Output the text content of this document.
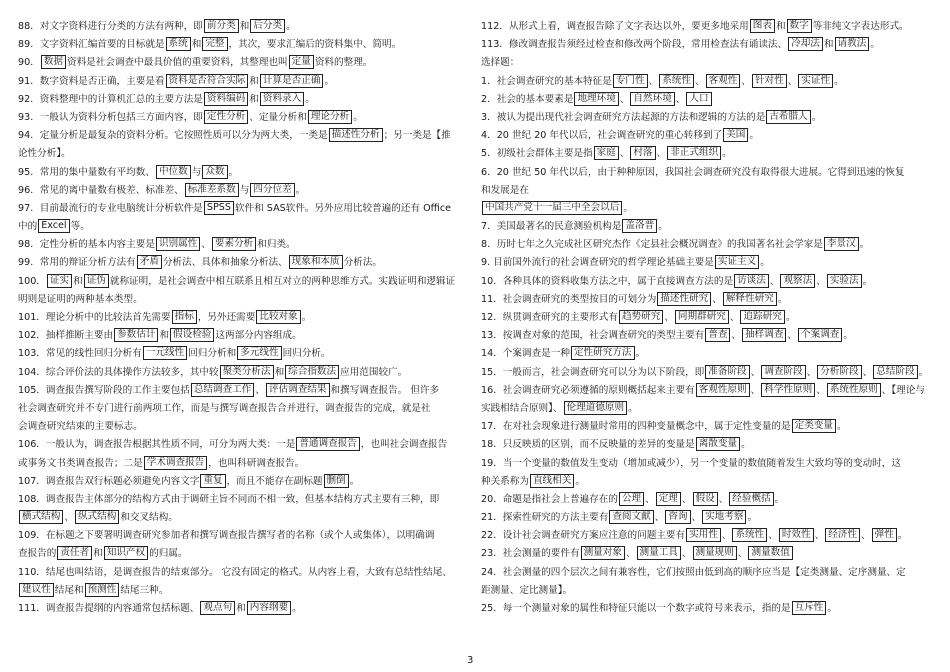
88．对文字资料进行分类的方法有两种，即 前分类 和 后分类 。
89．文字资料汇编首要的目标就是 系统 和 完整 ，其次，要求汇编后的资料集中、简明。
90． 数据 资料是社会调查中最具价值的重要资料，其整理也叫 定量 资料的整理。
91．数字资料是否正确，主要是看 资料是否符合实际 和 计算是否正确 。
92．资料整理中的计算机汇总的主要方法是 资料编码 和 资料录入 。
93．一般认为资料分析包括三方面内容，即 定性分析 、定量分析和 理论分析 。
94．定量分析是最复杂的资料分析。它按照性质可以分为两大类，一类是 描述性分析 ；另一类是【推
论性分析】。
95．常用的集中量数有平均数、 中位数 与 众数 。
96．常见的离中量数有极差、标准差、 标准差系数 与 四分位差 。
97．目前最流行的专业电脑统计分析软件是 SPSS 软件和 SAS软件。另外应用比较普遍的还有 Office
中的 Excel 等。
98．定性分析的基本内容主要是 识别属性 、 要素分析 和归类。
99．常用的辩证分析方法有 矛盾 分析法、具体和抽象分析法、 现象和本质 分析法。
100． 证实 和 证伪 就称证明，是社会调查中相互联系且相互对立的两种思维方式。实践证明和逻辑证
明则是证明的两种基本类型。
101．理论分析中的比较法首先需要 指标 ，另外还需要 比较对象 。
102．抽样推断主要由 参数估计 和 假设检验 这两部分内容组成。
103．常见的线性回归分析有 一元线性 回归分析和 多元线性 回归分析。
104．综合评价法的具体操作方法较多，其中较 聚类分析法 和 综合指数法 应用范围较广。
105．调查报告撰写阶段的工作主要包括 总结调查工作 、 评估调查结果 和撰写调查报告。 但许多
社会调查研究并不专门进行前两项工作，而是与撰写调查报告合并进行，调查报告的完成，就是社
会调查研究结束的主要标志。
106．一般认为，调查报告根据其性质不同，可分为两大类：一是 普通调查报告 ，也叫社会调查报告
或事务文书类调查报告；二是 学术调查报告 ，也叫科研调查报告。
107．调查报告双行标题必须避免内容文字 重复 ，而且不能存在副标题 删倒 。
108．调查报告主体部分的结构方式由于调研主旨不同而不相一致，但基本结构方式主要有三种，即
横式结构 、 纵式结构 和交叉结构。
109．在标题之下要署明调查研究参加者和撰写调查报告撰写者的名称（或个人或集体），以明确调
查报告的 责任者 和 知识产权 的归属。
110．结尾也叫结语，是调查报告的结束部分。 它没有固定的格式。从内容上看，大致有总结性结尾、
建议性 结尾和 预测性 结尾三种。
111．调查报告提纲的内容通常包括标题、 观点句 和 内容纲要 。
112．从形式上看，调查报告除了文字表达以外，要更多地采用 图表 和 数字 等非纯文字表达形式。
113．修改调查报告须经过检查和修改两个阶段，常用检查法有诵读法、 冷却法 和 请教法 。
选择题：
1．社会调查研究的基本特征是 专门性 、 系统性 、 客观性 、 针对性 、 实证性 。
2．社会的基本要素是 地理环境 、 自然环境 、 人口
3．被认为提出现代社会调查研究方法起源的方法和逻辑的方法的是 古希腊人 。
4．20 世纪 20 年代以后，社会调查研究的重心转移到了 美国 。
5．初级社会群体主要是指 家庭 、 村落 、 非正式组织 。
6．20 世纪 50 年代以后，由于种种原因，我国社会调查研究没有取得很大进展。它得到迅速的恢复
和发展是在
中国共产党十一届三中全会以后 。
7．美国最著名的民意测验机构是 盖洛普 。
8．历时七年之久完成社区研究杰作《定县社会概况调查》的我国著名社会学家是 李景汉 。
9. 目前国外流行的社会调查研究的哲学理论基础主要是 实证主义 。
10．各种具体的资料收集方法之中，属于直接调查方法的是 访谈法 、 观察法 、 实验法 。
11．社会调查研究的类型按目的可划分为 描述性研究 、 解释性研究 。
12．纵贯调查研究的主要形式有 趋势研究 、 同期群研究 、 追踪研究 。
13．按调查对象的范围，社会调查研究的类型主要有 普查 、 抽样调查 、 个案调查 。
14．个案调查是一种 定性研究方法 。
15．一般而言，社会调查研究可以分为以下阶段，即 准备阶段 、 调查阶段 、 分析阶段 、 总结阶段 。
16．社会调查研究必须遵循的原则概括起来主要有 客观性原则 、 科学性原则 、 系统性原则 、【理论与
实践相结合原则】、 伦理道德原则 。
17．在对社会现象进行测量时常用的四种变量概念中，属于定性变量的是 定类变量 。
18．只反映质的区别，而不反映量的差异的变量是 离散变量 。
19．当一个变量的数值发生变动（增加或减少），另一个变量的数值随着发生大致均等的变动时，这
种关系称为 直线相关 。
20．命题是指社会上普遍存在的 公理 、 定理 、 假设 、 经验概括 。
21．探索性研究的方法主要有 查阅文献 、 咨询 、 实地考察 。
22．设计社会调查研究方案应注意的问题主要有 实用性 、 系统性 、 时效性 、 经济性 、 弹性 。
23．社会测量的要件有 测量对象 、 测量工具 、 测量规则 、 测量数值
24．社会测量的四个层次之间有兼容性，它们按照由低到高的顺序应当是【定类测量、定序测量、定
距测量、定比测量】。
25．每一个测量对象的属性和特征只能以一个数字或符号来表示，指的是 互斥性 。
3
